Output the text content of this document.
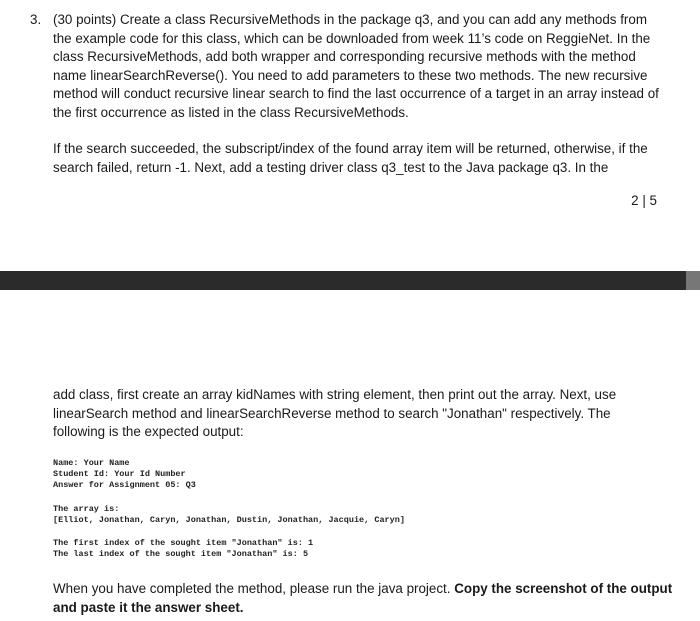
3. (30 points) Create a class RecursiveMethods in the package q3, and you can add any methods from the example code for this class, which can be downloaded from week 11’s code on ReggieNet. In the class RecursiveMethods, add both wrapper and corresponding recursive methods with the method name linearSearchReverse(). You need to add parameters to these two methods. The new recursive method will conduct recursive linear search to find the last occurrence of a target in an array instead of the first occurrence as listed in the class RecursiveMethods.

If the search succeeded, the subscript/index of the found array item will be returned, otherwise, if the search failed, return -1. Next, add a testing driver class q3_test to the Java package q3. In the

2 | 5

add class, first create an array kidNames with string element, then print out the array. Next, use linearSearch method and linearSearchReverse method to search "Jonathan" respectively. The following is the expected output:

Name: Your Name
Student Id: Your Id Number
Answer for Assignment 05: Q3
The array is:
[Elliot, Jonathan, Caryn, Jonathan, Dustin, Jonathan, Jacquie, Caryn]
The first index of the sought item "Jonathan" is: 1
The last index of the sought item "Jonathan" is: 5

When you have completed the method, please run the java project. Copy the screenshot of the output and paste it the answer sheet.
